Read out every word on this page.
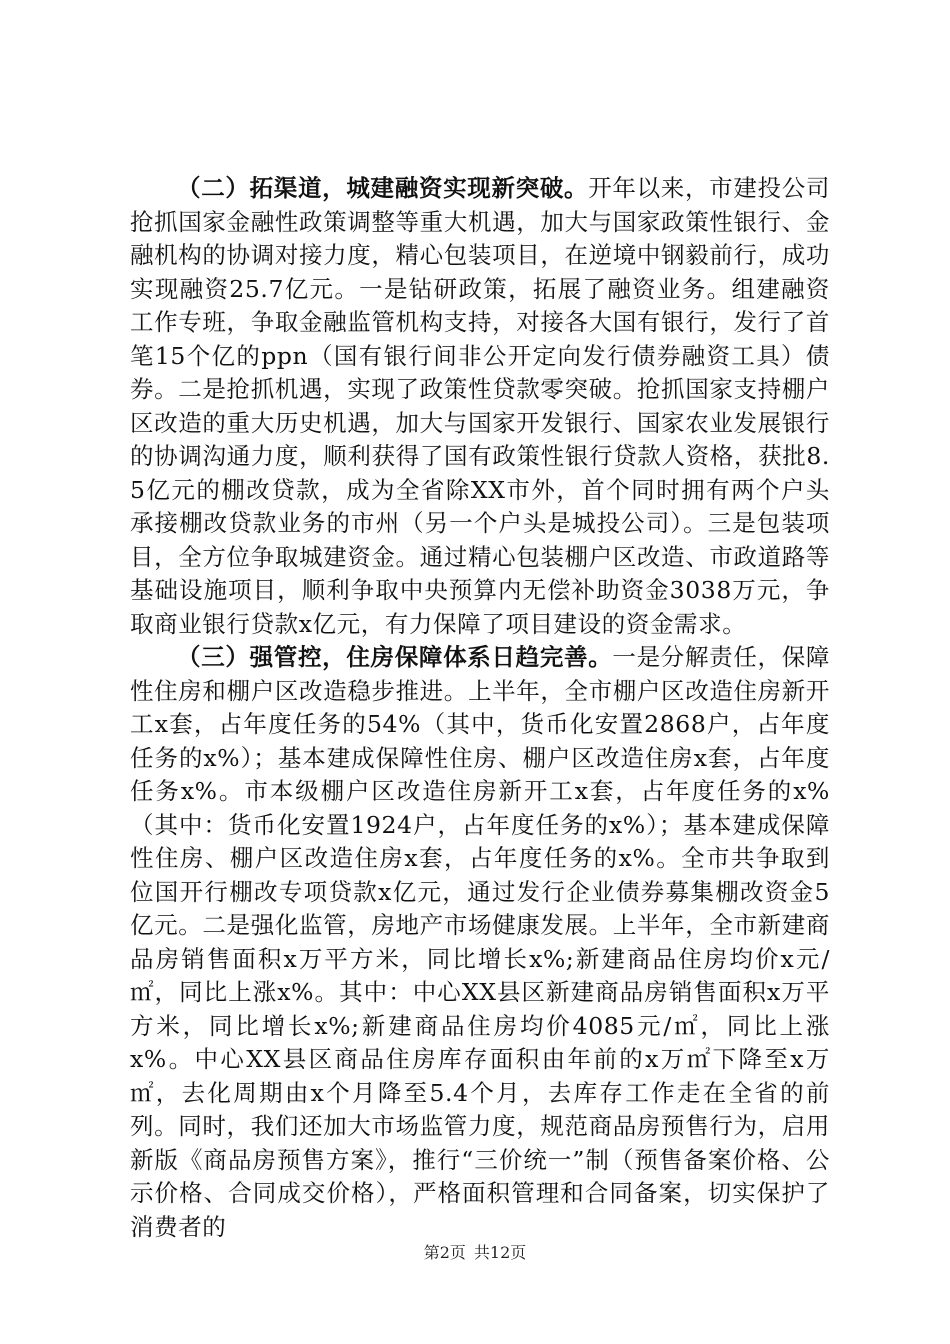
（二）拓渠道，城建融资实现新突破。开年以来，市建投公司抢抓国家金融性政策调整等重大机遇，加大与国家政策性银行、金融机构的协调对接力度，精心包装项目，在逆境中钢毅前行，成功实现融资25.7亿元。一是钻研政策，拓展了融资业务。组建融资工作专班，争取金融监管机构支持，对接各大国有银行，发行了首笔15个亿的ppn（国有银行间非公开定向发行债券融资工具）债券。二是抢抓机遇，实现了政策性贷款零突破。抢抓国家支持棚户区改造的重大历史机遇，加大与国家开发银行、国家农业发展银行的协调沟通力度，顺利获得了国有政策性银行贷款人资格，获批8.5亿元的棚改贷款，成为全省除XX市外，首个同时拥有两个户头承接棚改贷款业务的市州（另一个户头是城投公司）。三是包装项目，全方位争取城建资金。通过精心包装棚户区改造、市政道路等基础设施项目，顺利争取中央预算内无偿补助资金3038万元，争取商业银行贷款x亿元，有力保障了项目建设的资金需求。

（三）强管控，住房保障体系日趋完善。一是分解责任，保障性住房和棚户区改造稳步推进。上半年，全市棚户区改造住房新开工x套，占年度任务的54%（其中，货币化安置2868户，占年度任务的x%）；基本建成保障性住房、棚户区改造住房x套，占年度任务x%。市本级棚户区改造住房新开工x套，占年度任务的x%（其中：货币化安置1924户，占年度任务的x%）；基本建成保障性住房、棚户区改造住房x套，占年度任务的x%。全市共争取到位国开行棚改专项贷款x亿元，通过发行企业债券募集棚改资金5亿元。二是强化监管，房地产市场健康发展。上半年，全市新建商品房销售面积x万平方米，同比增长x%;新建商品住房均价x元/㎡，同比上涨x%。其中：中心XX县区新建商品房销售面积x万平方米，同比增长x%;新建商品住房均价4085元/㎡，同比上涨x%。中心XX县区商品住房库存面积由年前的x万㎡下降至x万㎡，去化周期由x个月降至5.4个月，去库存工作走在全省的前列。同时，我们还加大市场监管力度，规范商品房预售行为，启用新版《商品房预售方案》，推行“三价统一”制（预售备案价格、公示价格、合同成交价格），严格面积管理和合同备案，切实保护了消费者的

第2页 共12页
